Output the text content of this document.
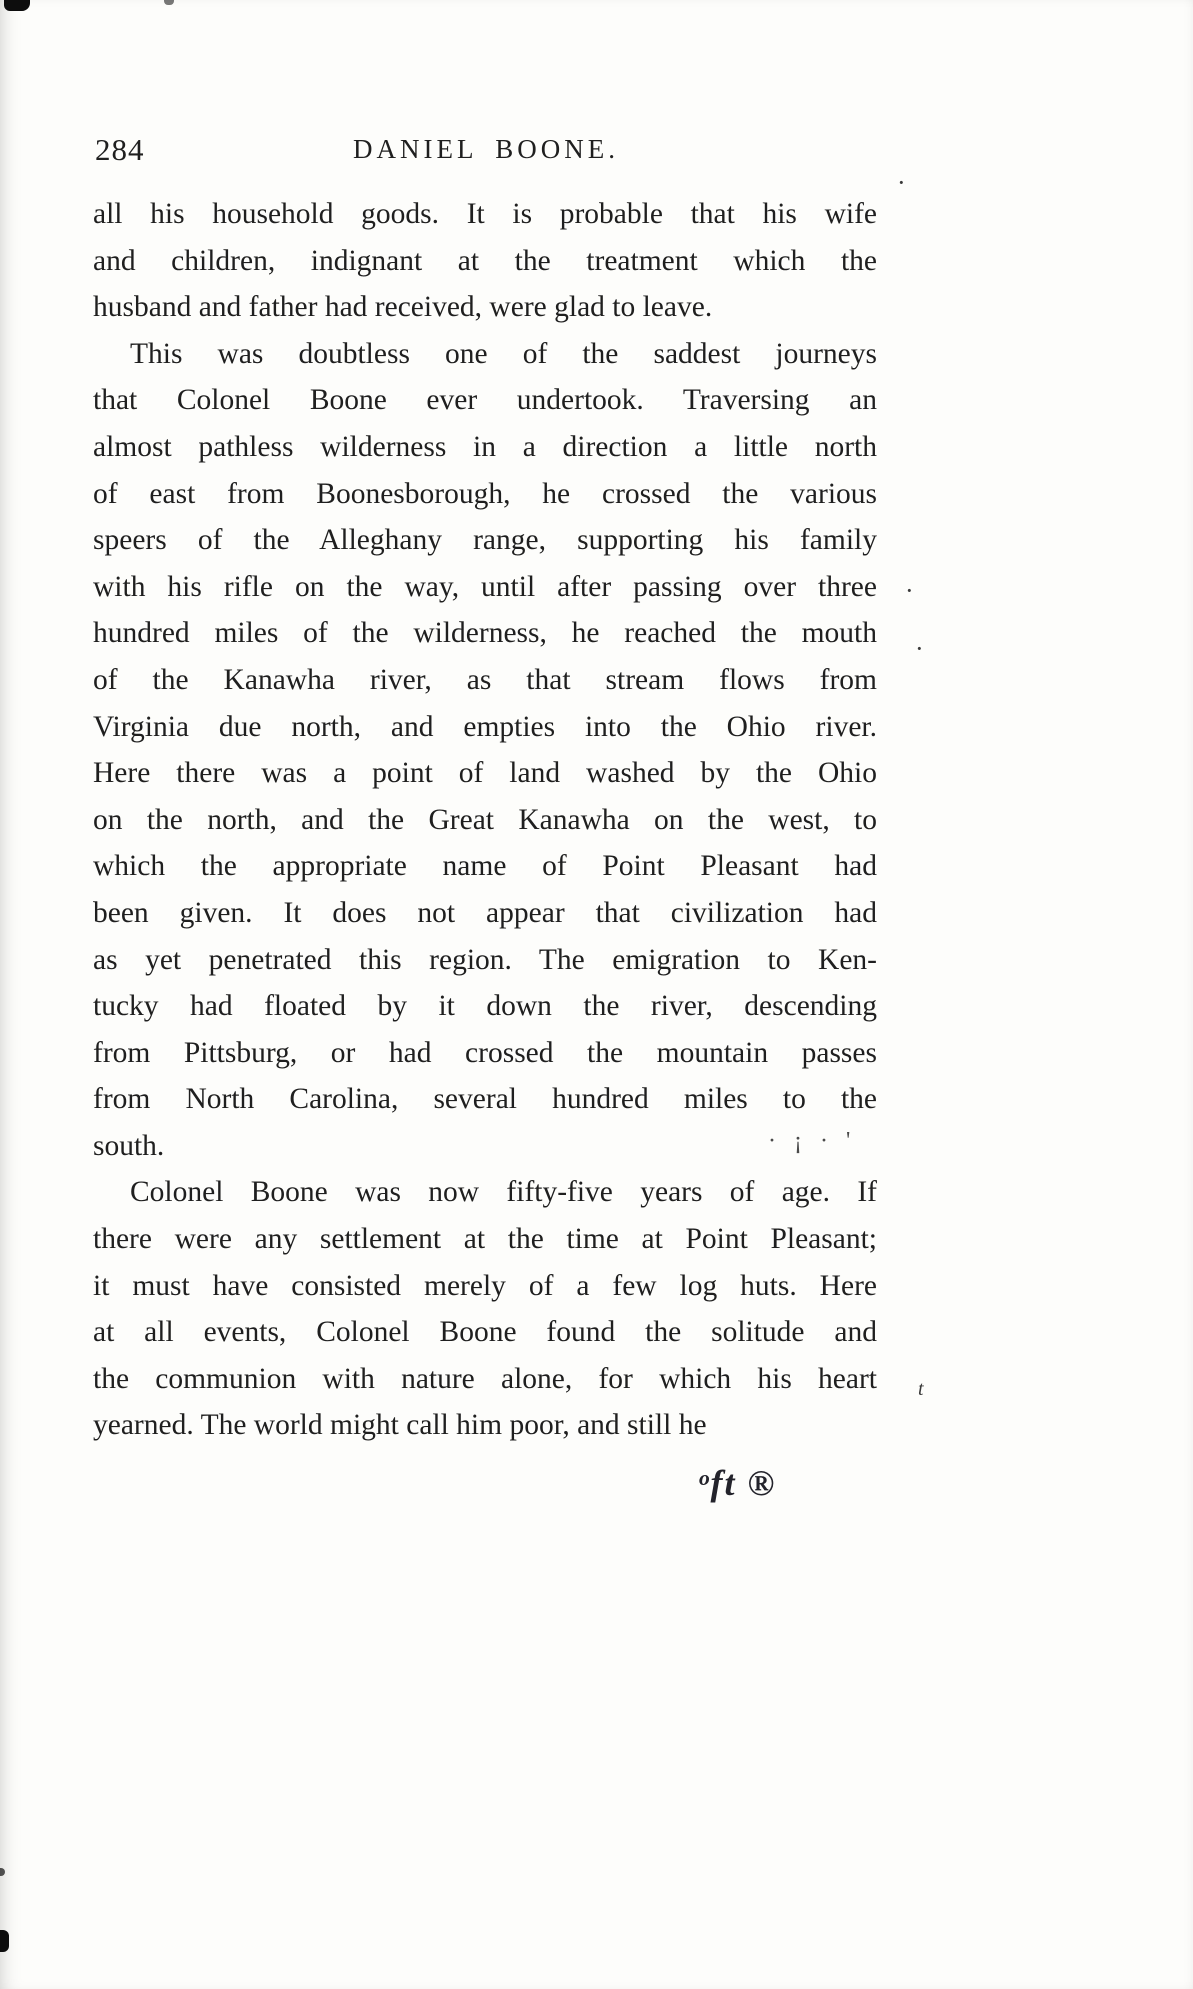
284	DANIEL BOONE.
all his household goods. It is probable that his wife
and children, indignant at the treatment which the
husband and father had received, were glad to leave.
This was doubtless one of the saddest journeys
that Colonel Boone ever undertook. Traversing an
almost pathless wilderness in a direction a little north
of east from Boonesborough, he crossed the various
speers of the Alleghany range, supporting his family
with his rifle on the way, until after passing over three
hundred miles of the wilderness, he reached the mouth
of the Kanawha river, as that stream flows from
Virginia due north, and empties into the Ohio river.
Here there was a point of land washed by the Ohio
on the north, and the Great Kanawha on the west, to
which the appropriate name of Point Pleasant had
been given. It does not appear that civilization had
as yet penetrated this region. The emigration to Ken-
tucky had floated by it down the river, descending
from Pittsburg, or had crossed the mountain passes
from North Carolina, several hundred miles to the
south.
Colonel Boone was now fifty-five years of age. If
there were any settlement at the time at Point Pleasant;
it must have consisted merely of a few log huts. Here
at all events, Colonel Boone found the solitude and
the communion with nature alone, for which his heart
yearned. The world might call him poor, and still he
· ¡ · '
ᵒft ®
·
·
·
t
